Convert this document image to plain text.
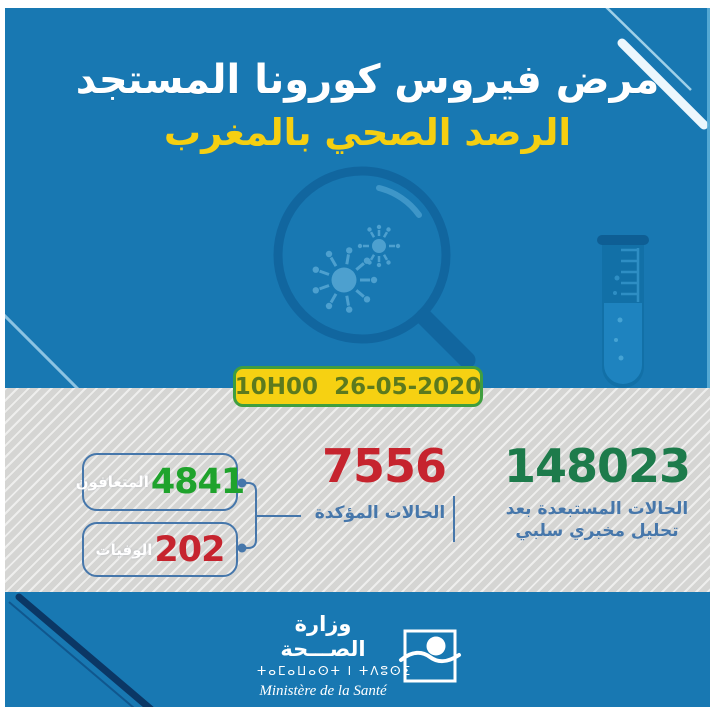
مرض فيروس كورونا المستجد
الرصد الصحي بالمغرب
10H00  26-05-2020
148023
الحالات المستبعدة بعد
تحليل مخبري سلبي
7556
الحالات المؤكدة
المتعافون 4841
الوفيات 202
وزارة الصـــحة
ⵜⴰⵎⴰⵡⴰⵙⵜ ⵏ ⵜⴷⵓⵙⵉ
Ministère de la Santé
